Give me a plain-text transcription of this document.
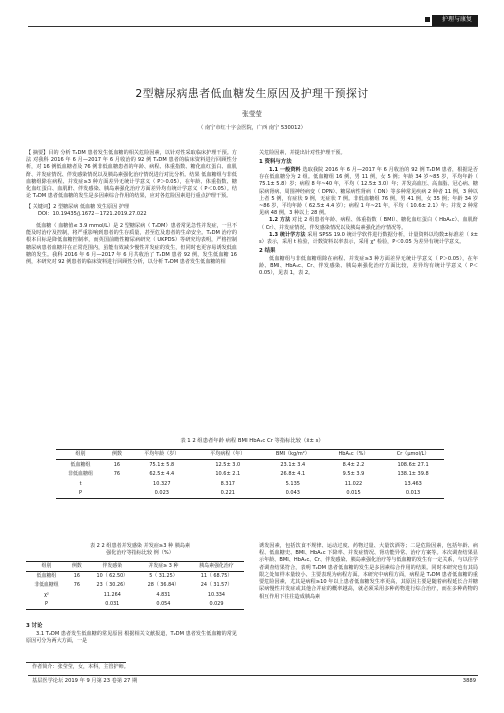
护理与康复
2型糖尿病患者低血糖发生原因及护理干预探讨
张莹莹
（ 南宁市红十字会医院，广西 南宁 530012）

【 摘要】目的 分析 T₂DM 患者发生低血糖的相关危险因素，以针对性采取临床护理干预。方法 对我科 2016 年 6 月—2017 年 6 月收治的 92 例 T₂DM 患者的临床资料进行回顾性分析，对 16 例低血糖者及 76 例非低血糖患者的年龄、病程、体重指数、糖化血红蛋白、血肌酐、并发症情况、伴发感染情况以及胰岛素强化治疗情况进行对比分析。结果 低血糖组与非低血糖组除在病程、并发症≥3 种方面差异无统计学意义（ P＞0.05），在年龄、体重指数、糖化血红蛋白、血肌酐、伴发感染、胰岛素强化治疗方面差异均有统计学意义（ P＜0.05）。结论 T₂DM 患者低血糖的发生是多因素综合作用的结果，应对各危险因素进行重点护理干预。

【 关键词】2 型糖尿病 低血糖 发生原因 护理

DOI：10.19435/j.1672－1721.2019.27.022

低血糖（ 血糖值≤ 3.9 mmol/L）是 2 型糖尿病（ T₂DM）患者常见急性并发症，一旦不能及时治疗及控制，将严重影响到患者的生存质量，甚至危及患者的生命安全。T₂DM 治疗的根本目标是降低血糖控制率，而英国前瞻性糖尿病研究（ UKPDS）等研究均表明，严格控制糖尿病患者血糖并在正常范围内，虽能有效减少慢性并发症的发生，但同时也更容易诱发低血糖的发生。我科 2016 年 6 月—2017 年 6 月共收治了 T₂DM 患者 92 例，发生低血糖 16 例，本研究对 92 例患者的临床资料进行回顾性分析，以分析 T₂DM 患者发生低血糖的相

关危险因素，并提出针对性护理干预。

1 资料与方法

1.1 一般资料 选取我院 2016 年 6 月—2017 年 6 月收治的 92 例 T₂DM 患者，根据是否存在低血糖分为 2 组。低血糖组 16 例，男 11 例，女 5 例；年龄 34 岁~85 岁，平均年龄（ 75.1± 5.8）岁；病程 8 年~40 年，平均（ 12.5± 3.0）年；并发高血压、高血脂、冠心病、糖尿病肾病、周围神经病变（ DPN）、糖尿病性肾病（ DN）等多种常见疾病 2 种者 11 例，3 种以上者 5 例，有症状 9 例，无症状 7 例。非低血糖组 76 例，男 41 例，女 35 例；年龄 34 岁~86 岁，平均年龄（ 62.5± 4.4 岁）；病程 1 年~21 年，平均（ 10.6± 2.1）年；并发 2 种常见病 48 例，3 种以上 28 例。

1.2 方法 对比 2 组患者年龄、病程、体重指数（ BMI）、糖化血红蛋白（ HbA₁c）、血肌酐（ Cr）、并发症情况、伴发感染情况以及胰岛素强化治疗情况等。

1.3 统计学方法 采用 SPSS 19.0 统计学软件进行数据分析，计量资料以均数±标准差（ x̄± s）表示，采用 t 检验，计数资料以率表示，采用 χ² 检验，P＜0.05 为差异有统计学意义。

2 结果

低血糖组与非低血糖组除在病程、并发症≥3 种方面差异无统计学意义（ P＞0.05），在年龄、BMI、HbA₁c、Cr、伴发感染、胰岛素强化治疗方面比较，差异均有统计学意义（ P＜0.05），见表 1，表 2。

表 1 2 组患者年龄 病程 BMI HbA₁c Cr 等指标比较（x̄± s）
组别	例数	平均年龄（岁）	平均病程（年）	BMI（kg/m²）	HbA₁c（%）	Cr（μmol/L）
低血糖组	16	75.1± 5.8	12.5± 3.0	23.1± 3.4	8.4± 2.2	108.6± 27.1
非低血糖组	76	62.5± 4.4	10.6± 2.1	26.8± 4.1	9.5± 3.9	138.1± 39.8
t		10.327	8.317	5.135	11.022	13.463
P		0.023	0.221	0.043	0.015	0.013
表 2 2 组患者并发感染 并发症≥3 种 胰岛素
强化治疗等指标比较 例（%）
组别	例数	伴发感染	并发症≥ 3 种	胰岛素强化治疗
低血糖组	16	10（ 62.50）	5（ 31.25）	11（ 68.75）
非低血糖组	76	23（ 30.26）	28（ 36.84）	24（ 31.57）
χ²		11.264	4.831	10.334
P		0.031	0.054	0.029

3 讨论

3.1 T₂DM 患者发生低血糖的常见原因 根据相关文献报道，T₂DM 患者发生低血糖的常见原因可分为两大方面，一是

诱发因素，包括饮食不规律、运动过度、药物过量、大量饮酒等；二是危险因素，包括年龄、病程、低血糖史、BMI、HbA₁c 下降率、并发症情况、肾功能异常、治疗方案等。本次调查结果显示年龄、BMI、HbA₁c、Cr、伴发感染、胰岛素强化治疗等与低血糖的发生有一定关系，与以往学者调查结果符合，表明 T₂DM 患者低血糖的发生是多因素综合作用的结果。同时本研究也有其局限之处如样本量较小、主要表现为病程方面。本研究中病程方面，病程是 T₂DM 患者低血糖的重要危险因素，尤其是病程≥10 年以上患者低血糖发生率更高，其原因主要是随着病程延长合并糖尿病慢性并发症或其他合并症的概率越高，就必须采用多种药物进行综合治疗，而在多种药物的相互作用下往往造成胰岛素

作者简介：张莹莹，女，本科，主管护师。
基层医学论坛 2019 年 9 月第 23 卷第 27 期	3889
